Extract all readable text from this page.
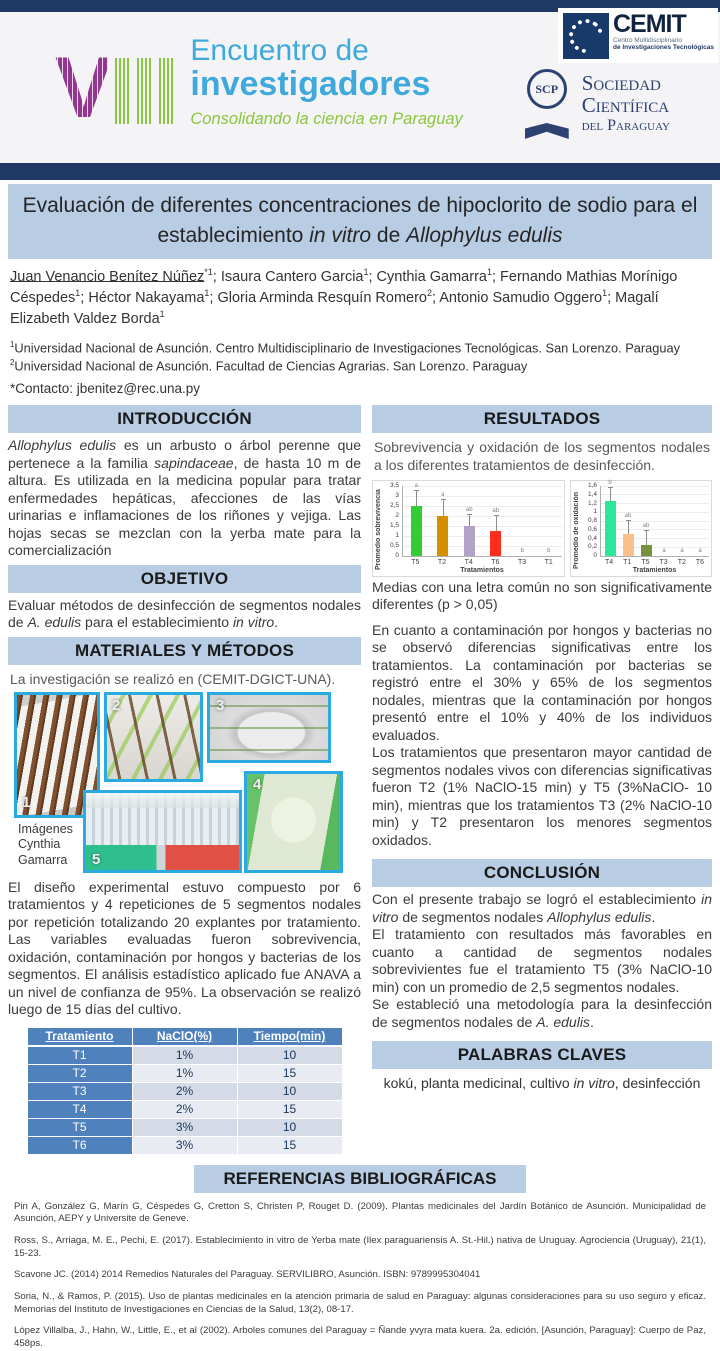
V	Encuentro de
investigadores
Consolidando la ciencia en Paraguay
SCP	Sociedad
Científica
del Paraguay
CEMIT
Centro Multidisciplinario
de Investigaciones Tecnológicas
Evaluación de diferentes concentraciones de hipoclorito de sodio para el establecimiento in vitro de Allophylus edulis
Juan Venancio Benítez Núñez$^{*1}$; Isaura Cantero Garcia$^1$; Cynthia Gamarra$^1$; Fernando Mathias Morínigo Céspedes$^1$; Héctor Nakayama$^1$; Gloria Arminda Resquín Romero$^2$; Antonio Samudio Oggero$^1$; Magalí Elizabeth Valdez Borda$^1$
$^1$Universidad Nacional de Asunción. Centro Multidisciplinario de Investigaciones Tecnológicas. San Lorenzo. Paraguay
$^2$Universidad Nacional de Asunción. Facultad de Ciencias Agrarias. San Lorenzo. Paraguay
*Contacto: jbenitez@rec.una.py
INTRODUCCIÓN
Allophylus edulis es un arbusto o árbol perenne que pertenece a la familia sapindaceae, de hasta 10 m de altura. Es utilizada en la medicina popular para tratar enfermedades hepáticas, afecciones de las vías urinarias e inflamaciones de los riñones y vejiga. Las hojas secas se mezclan con la yerba mate para la comercialización
OBJETIVO
Evaluar métodos de desinfección de segmentos nodales de A. edulis para el establecimiento in vitro.
MATERIALES Y MÉTODOS
La investigación se realizó en (CEMIT-DGICT-UNA).
1
2	3
4
5
Imágenes
Cynthia
Gamarra
El diseño experimental estuvo compuesto por 6 tratamientos y 4 repeticiones de 5 segmentos nodales por repetición totalizando 20 explantes por tratamiento. Las variables evaluadas fueron sobrevivencia, oxidación, contaminación por hongos y bacterias de los segmentos. El análisis estadístico aplicado fue ANAVA a un nivel de confianza de 95%. La observación se realizó luego de 15 días del cultivo.
Tratamiento	NaClO(%)	Tiempo(min)
T1	1%	10
T2	1%	15
T3	2%	10
T4	2%	15
T5	3%	10
T6	3%	15
RESULTADOS
Sobrevivencia y oxidación de los segmentos nodales a los diferentes tratamientos de desinfección.
Promedio sobrevivencia	0
0,5
1
1,5
2
2,5
3
3,5	a
a
ab	ab
b	b
T5	T2	T4	T6	T3	T1
Tratamientos
Promedio de oxidación	0
0,2
0,4
0,6
0,8
1
1,2
1,4
1,6	b
ab
ab
a	a	a
T4	T1	T5	T3	T2	T6
Tratamientos
Medias con una letra común no son significativamente diferentes (p > 0,05)
En cuanto a contaminación por hongos y bacterias no se observó diferencias significativas entre los tratamientos. La contaminación por bacterias se registró entre el 30% y 65% de los segmentos nodales, mientras que la contaminación por hongos presentó entre el 10% y 40% de los individuos evaluados.
Los tratamientos que presentaron mayor cantidad de segmentos nodales vivos con diferencias significativas fueron T2 (1% NaClO-15 min) y T5 (3%NaClO- 10 min), mientras que los tratamientos T3 (2% NaClO-10 min) y T2 presentaron los menores segmentos oxidados.
CONCLUSIÓN
Con el presente trabajo se logró el establecimiento in vitro de segmentos nodales Allophylus edulis.
El tratamiento con resultados más favorables en cuanto a cantidad de segmentos nodales sobrevivientes fue el tratamiento T5 (3% NaClO-10 min) con un promedio de 2,5 segmentos nodales.
Se estableció una metodología para la desinfección de segmentos nodales de A. edulis.
PALABRAS CLAVES
kokú, planta medicinal, cultivo in vitro, desinfección
REFERENCIAS BIBLIOGRÁFICAS

Pin A, González G, Marín G, Céspedes G, Cretton S, Christen P, Rouget D. (2009). Plantas medicinales del Jardín Botánico de Asunción. Municipalidad de Asunción, AEPY y Universite de Geneve.

Ross, S., Arriaga, M. E., Pechi, E. (2017). Establecimiento in vitro de Yerba mate (Ilex paraguariensis A. St.-Hil.) nativa de Uruguay. Agrociencia (Uruguay), 21(1), 15-23.

Scavone JC. (2014) 2014 Remedios Naturales del Paraguay. SERVILIBRO, Asunción. ISBN: 9789995304041

Soria, N., & Ramos, P. (2015). Uso de plantas medicinales en la atención primaria de salud en Paraguay: algunas consideraciones para su uso seguro y eficaz. Memorias del Instituto de Investigaciones en Ciencias de la Salud, 13(2), 08-17.

López Villalba, J., Hahn, W., Little, E., et al (2002). Arboles comunes del Paraguay = Ñande yvyra mata kuera. 2a. edición. [Asunción, Paraguay]: Cuerpo de Paz, 458ps.
